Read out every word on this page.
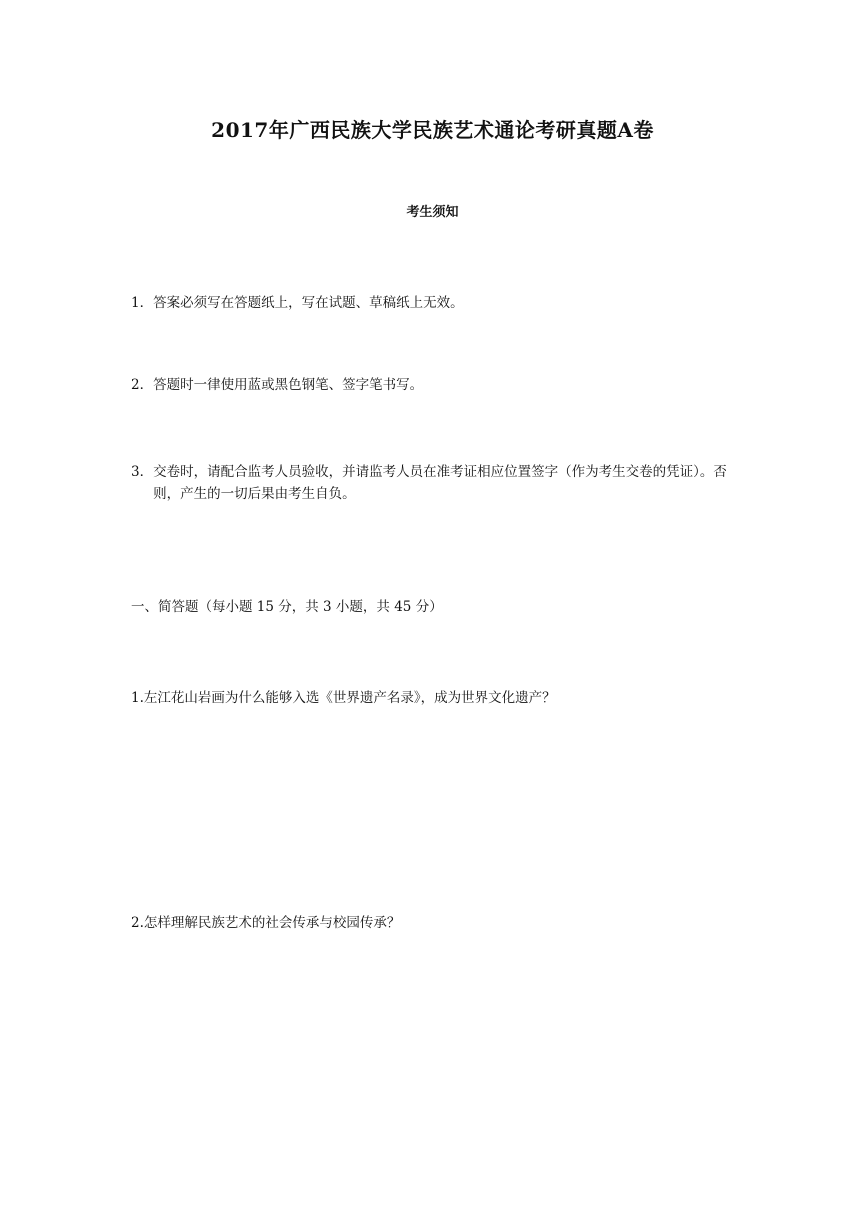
2017年广西民族大学民族艺术通论考研真题A卷
考生须知
1． 答案必须写在答题纸上，写在试题、草稿纸上无效。
2． 答题时一律使用蓝或黑色钢笔、签字笔书写。
3． 交卷时，请配合监考人员验收，并请监考人员在准考证相应位置签字（作为考生交卷的凭证）。否则，产生的一切后果由考生自负。
一、简答题（每小题 15 分，共 3 小题，共 45 分）
1.左江花山岩画为什么能够入选《世界遗产名录》，成为世界文化遗产？
2.怎样理解民族艺术的社会传承与校园传承？
